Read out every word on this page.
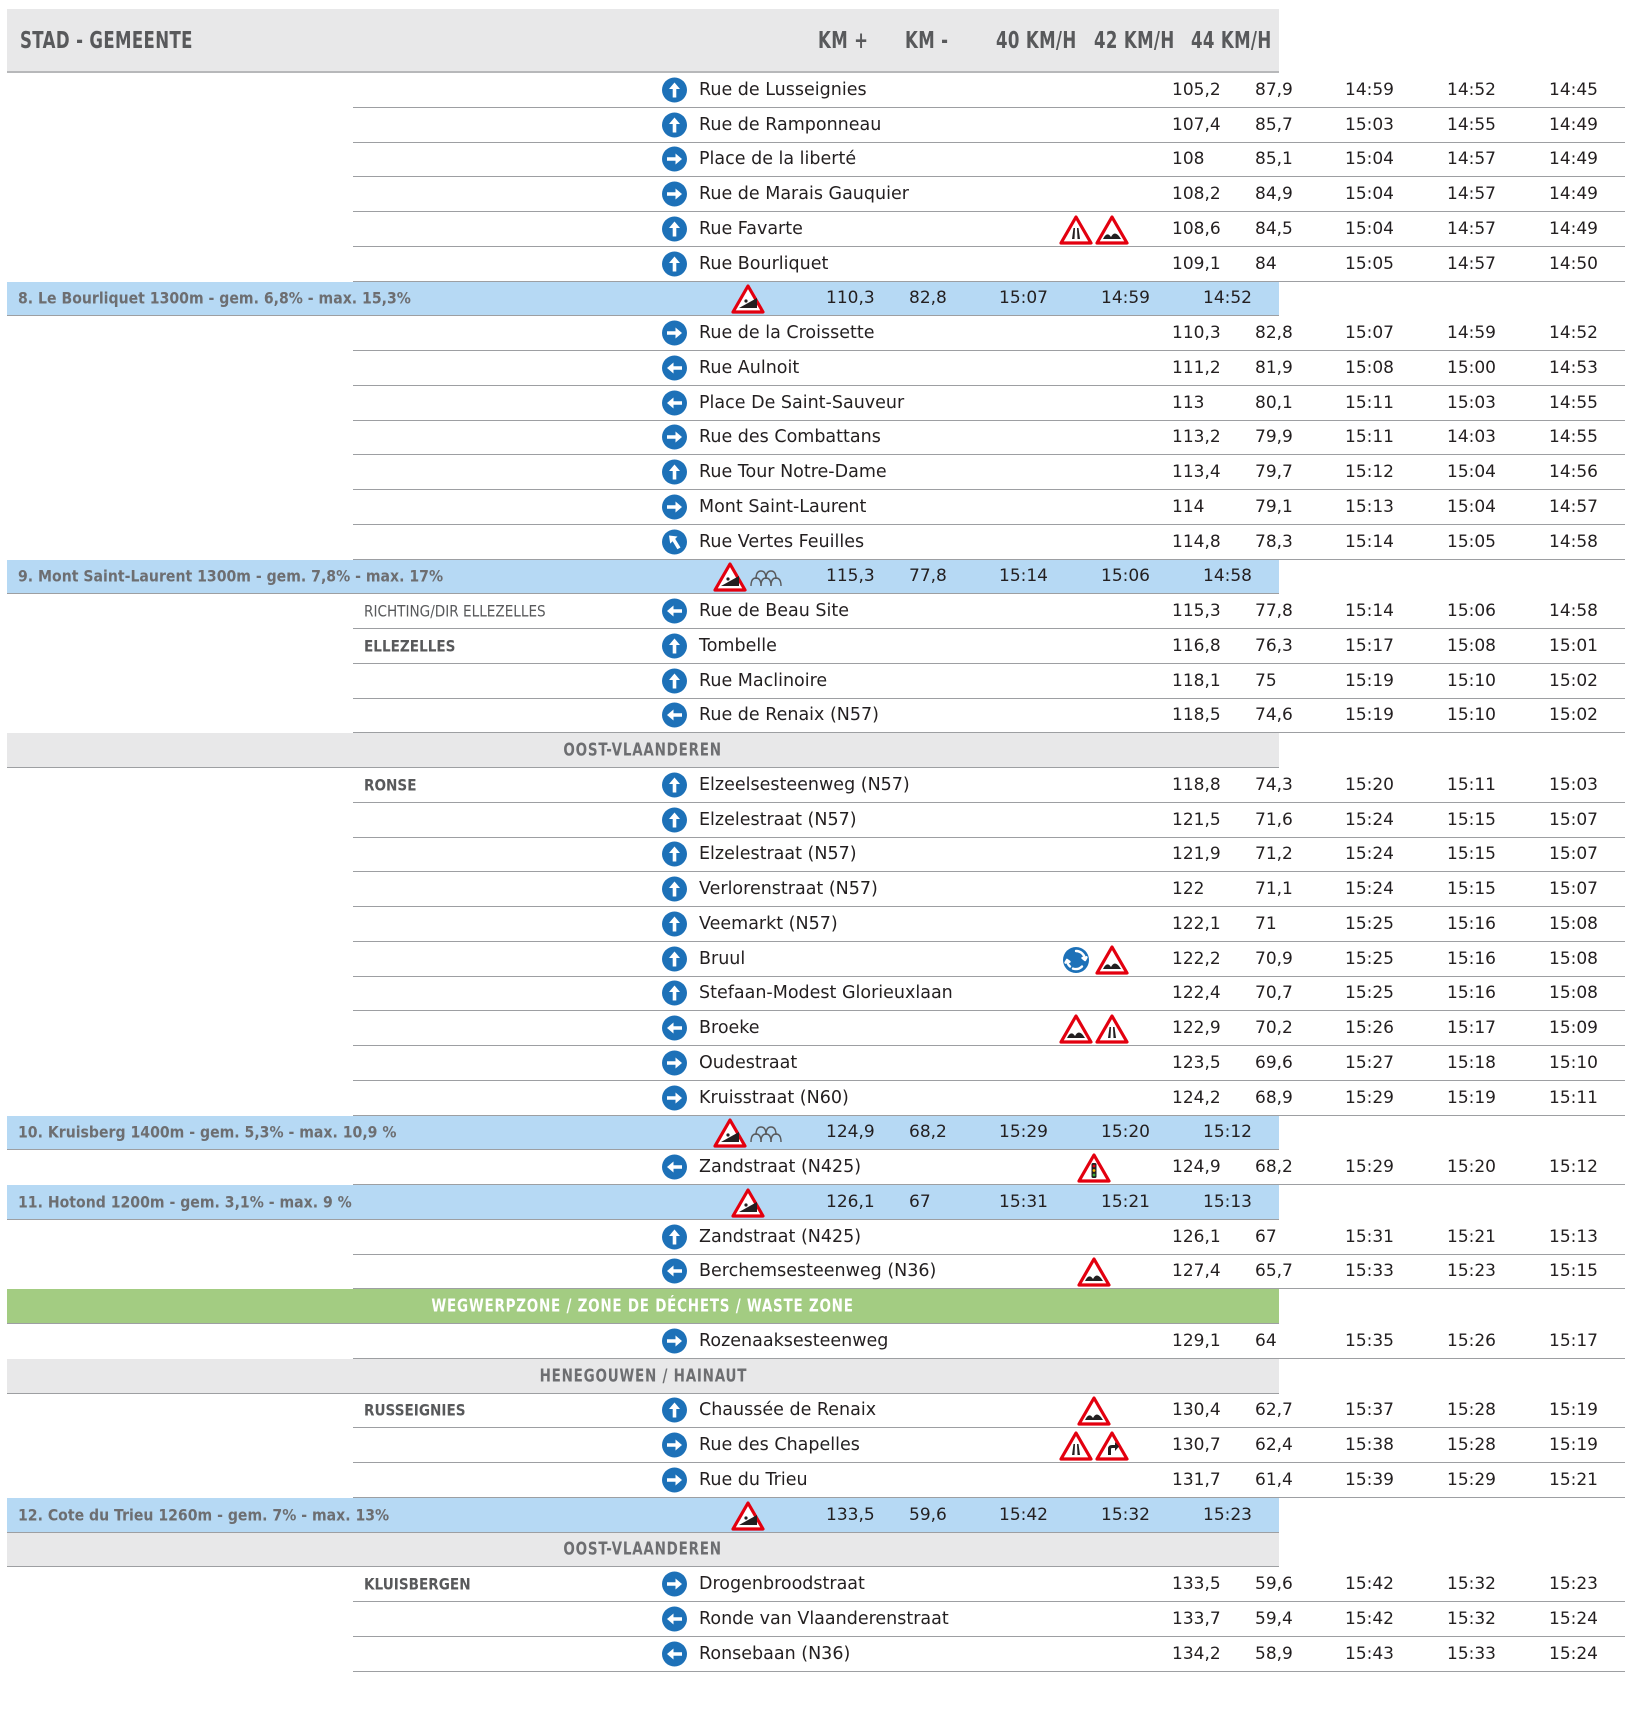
STAD - GEMEENTE	KM + KM - 40 KM/H 42 KM/H 44 KM/H
Rue de Lusseignies	105,2 87,9	14:59	14:52	14:45
Rue de Ramponneau	107,4 85,7	15:03	14:55	14:49
Place de la liberté	108	85,1	15:04	14:57	14:49
Rue de Marais Gauquier	108,2 84,9	15:04	14:57	14:49
Rue Favarte	108,6 84,5	15:04	14:57	14:49
Rue Bourliquet	109,1 84	15:05	14:57	14:50
8. Le Bourliquet 1300m - gem. 6,8% - max. 15,3%	110,3 82,8	15:07	14:59	14:52
Rue de la Croissette	110,3 82,8	15:07	14:59	14:52
Rue Aulnoit	111,2 81,9	15:08	15:00	14:53
Place De Saint-Sauveur	113	80,1	15:11	15:03	14:55
Rue des Combattans	113,2 79,9	15:11	14:03	14:55
Rue Tour Notre-Dame	113,4 79,7	15:12	15:04	14:56
Mont Saint-Laurent	114	79,1	15:13	15:04	14:57
Rue Vertes Feuilles	114,8 78,3	15:14	15:05	14:58
9. Mont Saint-Laurent 1300m - gem. 7,8% - max. 17%	115,3 77,8	15:14	15:06	14:58
RICHTING/DIR ELLEZELLES	Rue de Beau Site	115,3 77,8	15:14	15:06	14:58
ELLEZELLES	Tombelle	116,8 76,3	15:17	15:08	15:01
Rue Maclinoire	118,1 75	15:19	15:10	15:02
Rue de Renaix (N57)	118,5 74,6	15:19	15:10	15:02
OOST-VLAANDEREN
RONSE	Elzeelsesteenweg (N57)	118,8 74,3	15:20	15:11	15:03
Elzelestraat (N57)	121,5 71,6	15:24	15:15	15:07
Elzelestraat (N57)	121,9 71,2	15:24	15:15	15:07
Verlorenstraat (N57)	122	71,1	15:24	15:15	15:07
Veemarkt (N57)	122,1 71	15:25	15:16	15:08
Bruul	122,2 70,9	15:25	15:16	15:08
Stefaan-Modest Glorieuxlaan	122,4 70,7	15:25	15:16	15:08
Broeke	122,9 70,2	15:26	15:17	15:09
Oudestraat	123,5 69,6	15:27	15:18	15:10
Kruisstraat (N60)	124,2 68,9	15:29	15:19	15:11
10. Kruisberg 1400m - gem. 5,3% - max. 10,9 %	124,9 68,2	15:29	15:20	15:12
Zandstraat (N425)	124,9 68,2	15:29	15:20	15:12
11. Hotond 1200m - gem. 3,1% - max. 9 %	126,1 67	15:31	15:21	15:13
Zandstraat (N425)	126,1 67	15:31	15:21	15:13
Berchemsesteenweg (N36)	127,4 65,7	15:33	15:23	15:15
WEGWERPZONE / ZONE DE DÉCHETS / WASTE ZONE
Rozenaaksesteenweg	129,1 64	15:35	15:26	15:17
HENEGOUWEN / HAINAUT
RUSSEIGNIES	Chaussée de Renaix	130,4 62,7	15:37	15:28	15:19
Rue des Chapelles	130,7 62,4	15:38	15:28	15:19
Rue du Trieu	131,7 61,4	15:39	15:29	15:21
12. Cote du Trieu 1260m - gem. 7% - max. 13%	133,5 59,6	15:42	15:32	15:23
OOST-VLAANDEREN
KLUISBERGEN	Drogenbroodstraat	133,5 59,6	15:42	15:32	15:23
Ronde van Vlaanderenstraat	133,7 59,4	15:42	15:32	15:24
Ronsebaan (N36)	134,2 58,9	15:43	15:33	15:24
